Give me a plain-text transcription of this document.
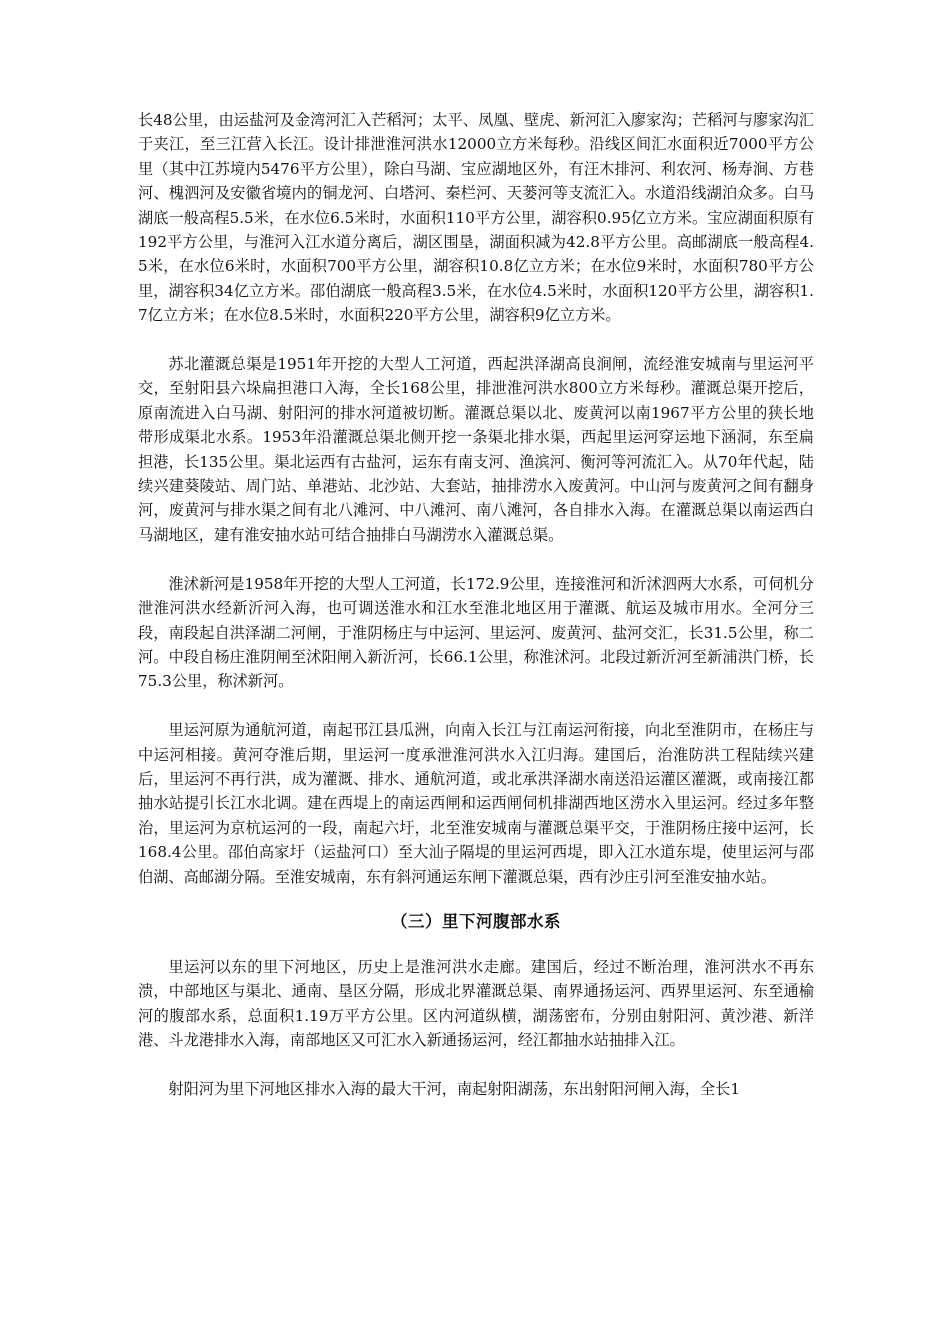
长48公里，由运盐河及金湾河汇入芒稻河；太平、凤凰、壁虎、新河汇入廖家沟；芒稻河与廖家沟汇于夹江，至三江营入长江。设计排泄淮河洪水12000立方米每秒。沿线区间汇水面积近7000平方公里（其中江苏境内5476平方公里），除白马湖、宝应湖地区外，有汪木排河、利农河、杨寿涧、方巷河、槐泗河及安徽省境内的铜龙河、白塔河、秦栏河、天蒌河等支流汇入。水道沿线湖泊众多。白马湖底一般高程5.5米，在水位6.5米时，水面积110平方公里，湖容积0.95亿立方米。宝应湖面积原有192平方公里，与淮河入江水道分离后，湖区围垦，湖面积减为42.8平方公里。高邮湖底一般高程4.5米，在水位6米时，水面积700平方公里，湖容积10.8亿立方米；在水位9米时，水面积780平方公里，湖容积34亿立方米。邵伯湖底一般高程3.5米，在水位4.5米时，水面积120平方公里，湖容积1.7亿立方米；在水位8.5米时，水面积220平方公里，湖容积9亿立方米。

苏北灌溉总渠是1951年开挖的大型人工河道，西起洪泽湖高良涧闸，流经淮安城南与里运河平交，至射阳县六垛扁担港口入海，全长168公里，排泄淮河洪水800立方米每秒。灌溉总渠开挖后，原南流进入白马湖、射阳河的排水河道被切断。灌溉总渠以北、废黄河以南1967平方公里的狭长地带形成渠北水系。1953年沿灌溉总渠北侧开挖一条渠北排水渠，西起里运河穿运地下涵洞，东至扁担港，长135公里。渠北运西有古盐河，运东有南支河、渔滨河、衡河等河流汇入。从70年代起，陆续兴建葵陵站、周门站、单港站、北沙站、大套站，抽排涝水入废黄河。中山河与废黄河之间有翻身河，废黄河与排水渠之间有北八滩河、中八滩河、南八滩河，各自排水入海。在灌溉总渠以南运西白马湖地区，建有淮安抽水站可结合抽排白马湖涝水入灌溉总渠。

淮沭新河是1958年开挖的大型人工河道，长172.9公里，连接淮河和沂沭泗两大水系，可伺机分泄淮河洪水经新沂河入海，也可调送淮水和江水至淮北地区用于灌溉、航运及城市用水。全河分三段，南段起自洪泽湖二河闸，于淮阴杨庄与中运河、里运河、废黄河、盐河交汇，长31.5公里，称二河。中段自杨庄淮阴闸至沭阳闸入新沂河，长66.1公里，称淮沭河。北段过新沂河至新浦洪门桥，长75.3公里，称沭新河。

里运河原为通航河道，南起邗江县瓜洲，向南入长江与江南运河衔接，向北至淮阴市，在杨庄与中运河相接。黄河夺淮后期，里运河一度承泄淮河洪水入江归海。建国后，治淮防洪工程陆续兴建后，里运河不再行洪，成为灌溉、排水、通航河道，或北承洪泽湖水南送沿运灌区灌溉，或南接江都抽水站提引长江水北调。建在西堤上的南运西闸和运西闸伺机排湖西地区涝水入里运河。经过多年整治，里运河为京杭运河的一段，南起六圩，北至淮安城南与灌溉总渠平交，于淮阴杨庄接中运河，长168.4公里。邵伯高家圩（运盐河口）至大汕子隔堤的里运河西堤，即入江水道东堤，使里运河与邵伯湖、高邮湖分隔。至淮安城南，东有斜河通运东闸下灌溉总渠，西有沙庄引河至淮安抽水站。

（三）里下河腹部水系

里运河以东的里下河地区，历史上是淮河洪水走廊。建国后，经过不断治理，淮河洪水不再东溃，中部地区与渠北、通南、垦区分隔，形成北界灌溉总渠、南界通扬运河、西界里运河、东至通榆河的腹部水系，总面积1.19万平方公里。区内河道纵横，湖荡密布，分别由射阳河、黄沙港、新洋港、斗龙港排水入海，南部地区又可汇水入新通扬运河，经江都抽水站抽排入江。

射阳河为里下河地区排水入海的最大干河，南起射阳湖荡，东出射阳河闸入海，全长1
